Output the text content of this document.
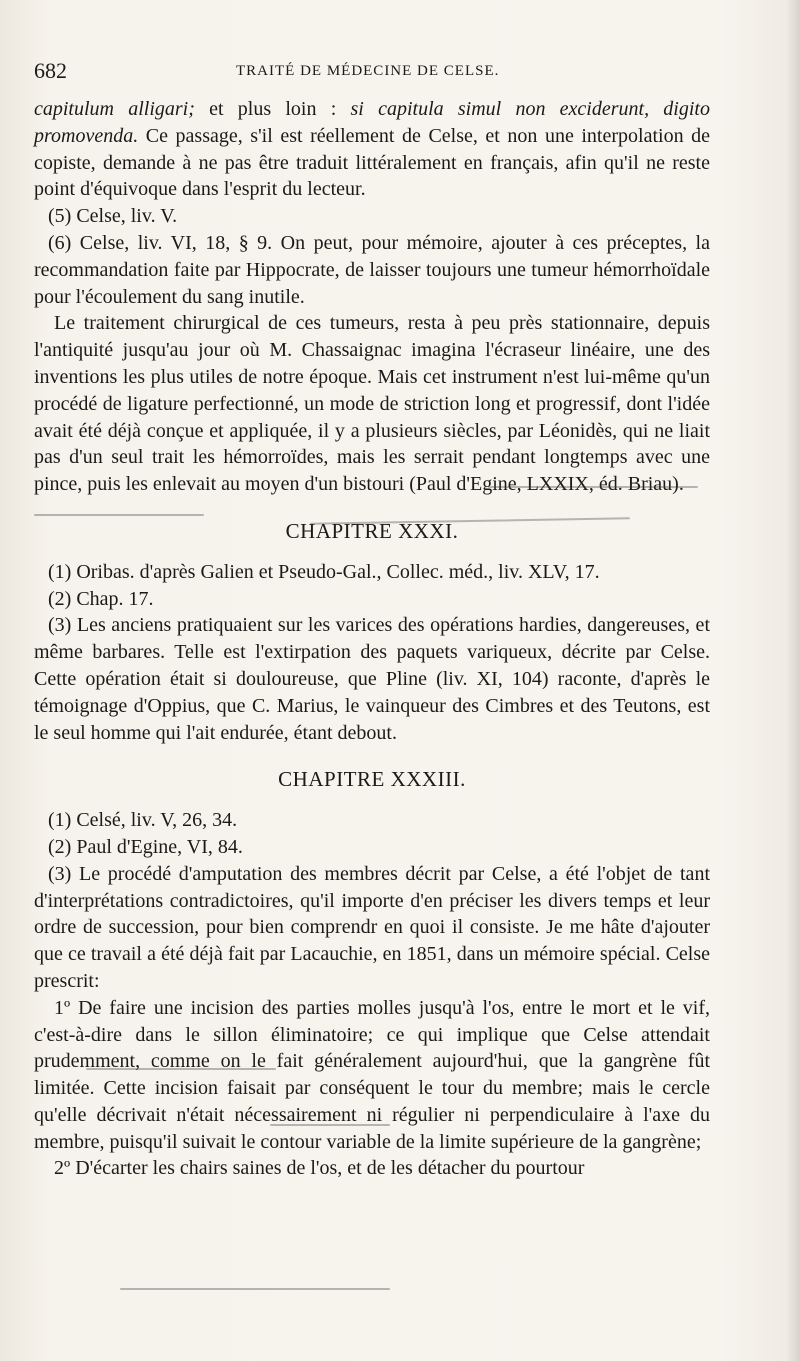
682	TRAITÉ DE MÉDECINE DE CELSE.

capitulum alligari; et plus loin : si capitula simul non exciderunt, digito promovenda. Ce passage, s'il est réellement de Celse, et non une interpolation de copiste, demande à ne pas être traduit littéralement en français, afin qu'il ne reste point d'équivoque dans l'esprit du lecteur.

(5) Celse, liv. V.

(6) Celse, liv. VI, 18, § 9. On peut, pour mémoire, ajouter à ces préceptes, la recommandation faite par Hippocrate, de laisser toujours une tumeur hémorrhoïdale pour l'écoulement du sang inutile.

Le traitement chirurgical de ces tumeurs, resta à peu près stationnaire, depuis l'antiquité jusqu'au jour où M. Chassaignac imagina l'écraseur linéaire, une des inventions les plus utiles de notre époque. Mais cet instrument n'est lui-même qu'un procédé de ligature perfectionné, un mode de striction long et progressif, dont l'idée avait été déjà conçue et appliquée, il y a plusieurs siècles, par Léonidès, qui ne liait pas d'un seul trait les hémorroïdes, mais les serrait pendant longtemps avec une pince, puis les enlevait au moyen d'un bistouri (Paul d'Egine, LXXIX, éd. Briau).

CHAPITRE XXXI.

(1) Oribas. d'après Galien et Pseudo-Gal., Collec. méd., liv. XLV, 17.

(2) Chap. 17.

(3) Les anciens pratiquaient sur les varices des opérations hardies, dangereuses, et même barbares. Telle est l'extirpation des paquets variqueux, décrite par Celse. Cette opération était si douloureuse, que Pline (liv. XI, 104) raconte, d'après le témoignage d'Oppius, que C. Marius, le vainqueur des Cimbres et des Teutons, est le seul homme qui l'ait endurée, étant debout.

CHAPITRE XXXIII.

(1) Celsé, liv. V, 26, 34.

(2) Paul d'Egine, VI, 84.

(3) Le procédé d'amputation des membres décrit par Celse, a été l'objet de tant d'interprétations contradictoires, qu'il importe d'en préciser les divers temps et leur ordre de succession, pour bien comprendr en quoi il consiste. Je me hâte d'ajouter que ce travail a été déjà fait par Lacauchie, en 1851, dans un mémoire spécial. Celse prescrit:

1º De faire une incision des parties molles jusqu'à l'os, entre le mort et le vif, c'est-à-dire dans le sillon éliminatoire; ce qui implique que Celse attendait prudemment, comme on le fait généralement aujourd'hui, que la gangrène fût limitée. Cette incision faisait par conséquent le tour du membre; mais le cercle qu'elle décrivait n'était nécessairement ni régulier ni perpendiculaire à l'axe du membre, puisqu'il suivait le contour variable de la limite supérieure de la gangrène;

2º D'écarter les chairs saines de l'os, et de les détacher du pourtour
